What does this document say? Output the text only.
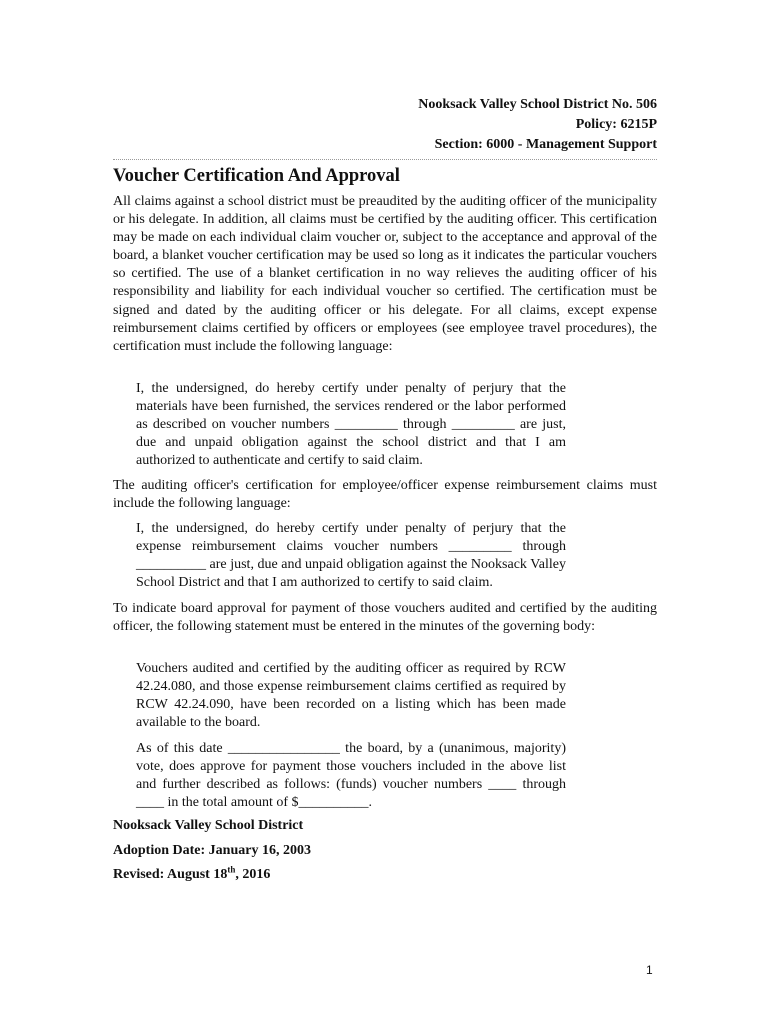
Nooksack Valley School District No. 506
Policy: 6215P
Section: 6000 - Management Support
Voucher Certification And Approval

All claims against a school district must be preaudited by the auditing officer of the municipality or his delegate. In addition, all claims must be certified by the auditing officer. This certification may be made on each individual claim voucher or, subject to the acceptance and approval of the board, a blanket voucher certification may be used so long as it indicates the particular vouchers so certified. The use of a blanket certification in no way relieves the auditing officer of his responsibility and liability for each individual voucher so certified. The certification must be signed and dated by the auditing officer or his delegate. For all claims, except expense reimbursement claims certified by officers or employees (see employee travel procedures), the certification must include the following language:

I, the undersigned, do hereby certify under penalty of perjury that the materials have been furnished, the services rendered or the labor performed as described on voucher numbers _________ through _________ are just, due and unpaid obligation against the school district and that I am authorized to authenticate and certify to said claim.

The auditing officer's certification for employee/officer expense reimbursement claims must include the following language:

I, the undersigned, do hereby certify under penalty of perjury that the expense reimbursement claims voucher numbers _________ through __________ are just, due and unpaid obligation against the Nooksack Valley School District and that I am authorized to certify to said claim.

To indicate board approval for payment of those vouchers audited and certified by the auditing officer, the following statement must be entered in the minutes of the governing body:

Vouchers audited and certified by the auditing officer as required by RCW 42.24.080, and those expense reimbursement claims certified as required by RCW 42.24.090, have been recorded on a listing which has been made available to the board.

As of this date ________________ the board, by a (unanimous, majority) vote, does approve for payment those vouchers included in the above list and further described as follows: (funds) voucher numbers ____ through ____ in the total amount of $__________.

Nooksack Valley School District

Adoption Date: January 16, 2003

Revised: August 18th, 2016

1
